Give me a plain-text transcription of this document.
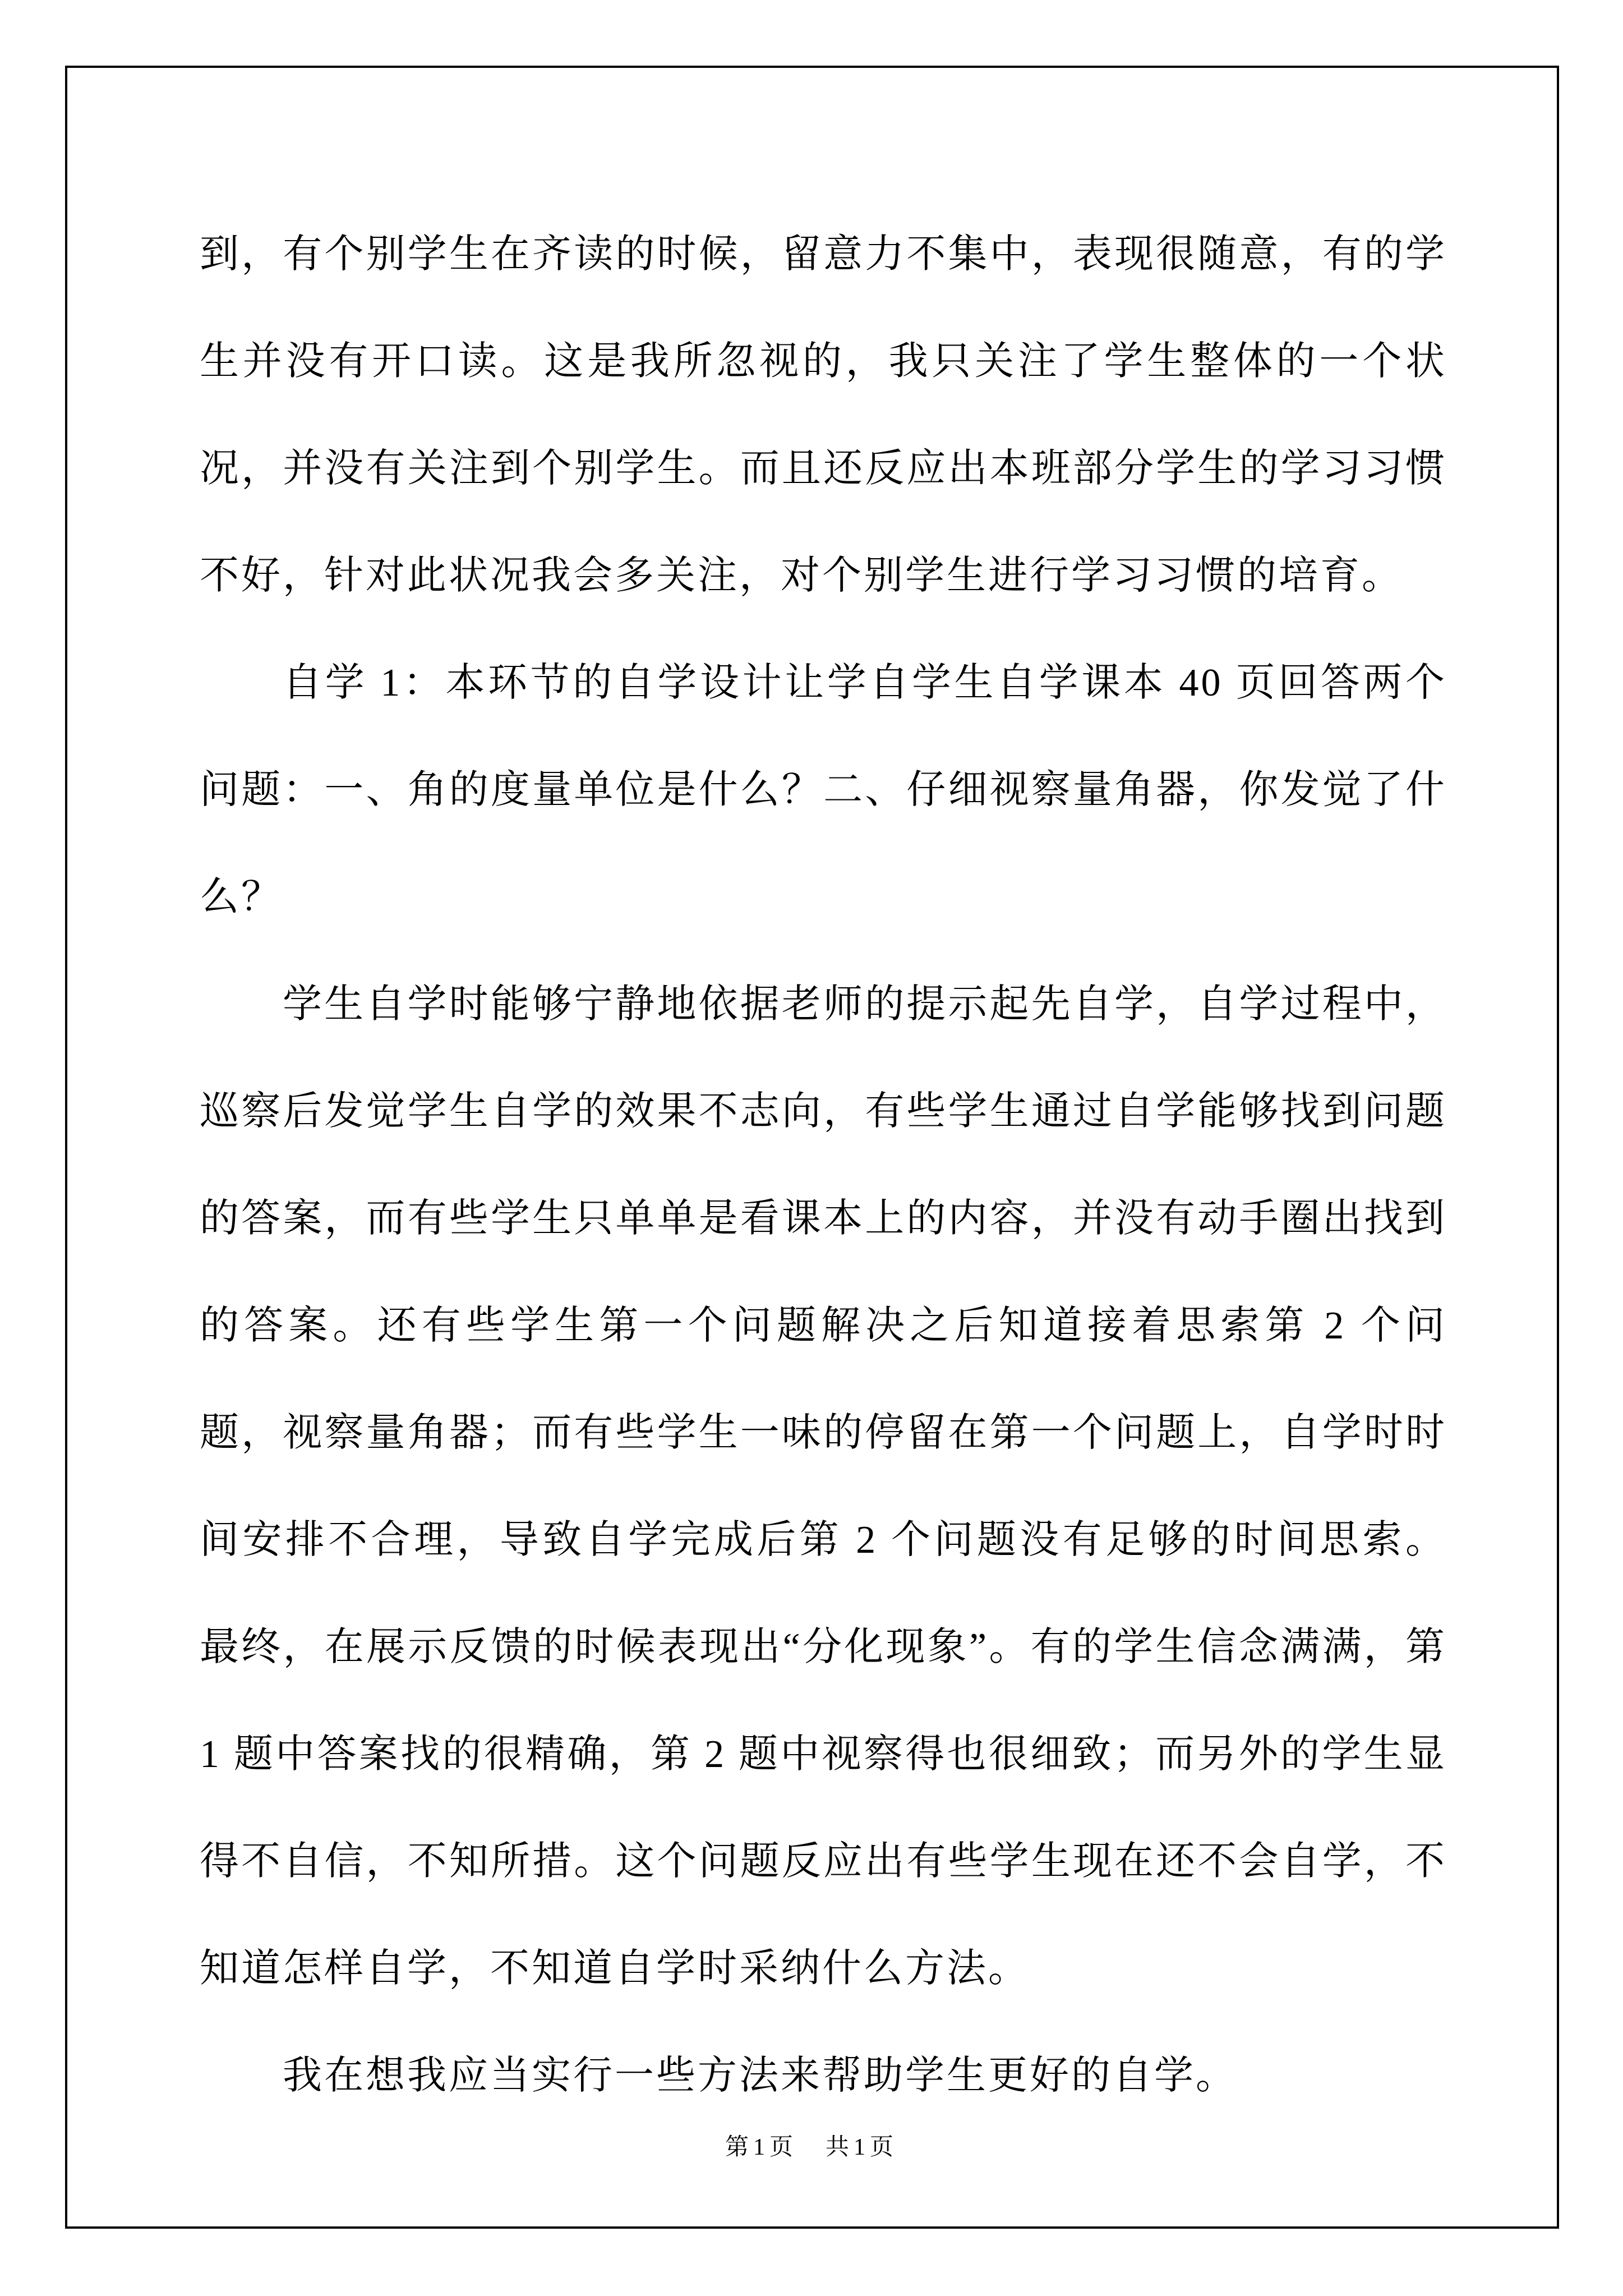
到，有个别学生在齐读的时候，留意力不集中，表现很随意，有的学生并没有开口读。这是我所忽视的，我只关注了学生整体的一个状况，并没有关注到个别学生。而且还反应出本班部分学生的学习习惯不好，针对此状况我会多关注，对个别学生进行学习习惯的培育。

自学 1：本环节的自学设计让学自学生自学课本 40 页回答两个问题：一、角的度量单位是什么？二、仔细视察量角器，你发觉了什么？

学生自学时能够宁静地依据老师的提示起先自学，自学过程中，巡察后发觉学生自学的效果不志向，有些学生通过自学能够找到问题的答案，而有些学生只单单是看课本上的内容，并没有动手圈出找到的答案。还有些学生第一个问题解决之后知道接着思索第 2 个问题，视察量角器；而有些学生一味的停留在第一个问题上，自学时时间安排不合理，导致自学完成后第 2 个问题没有足够的时间思索。最终，在展示反馈的时候表现出“分化现象”。有的学生信念满满，第 1 题中答案找的很精确，第 2 题中视察得也很细致；而另外的学生显得不自信，不知所措。这个问题反应出有些学生现在还不会自学，不知道怎样自学，不知道自学时采纳什么方法。

我在想我应当实行一些方法来帮助学生更好的自学。

第1页　共1页
